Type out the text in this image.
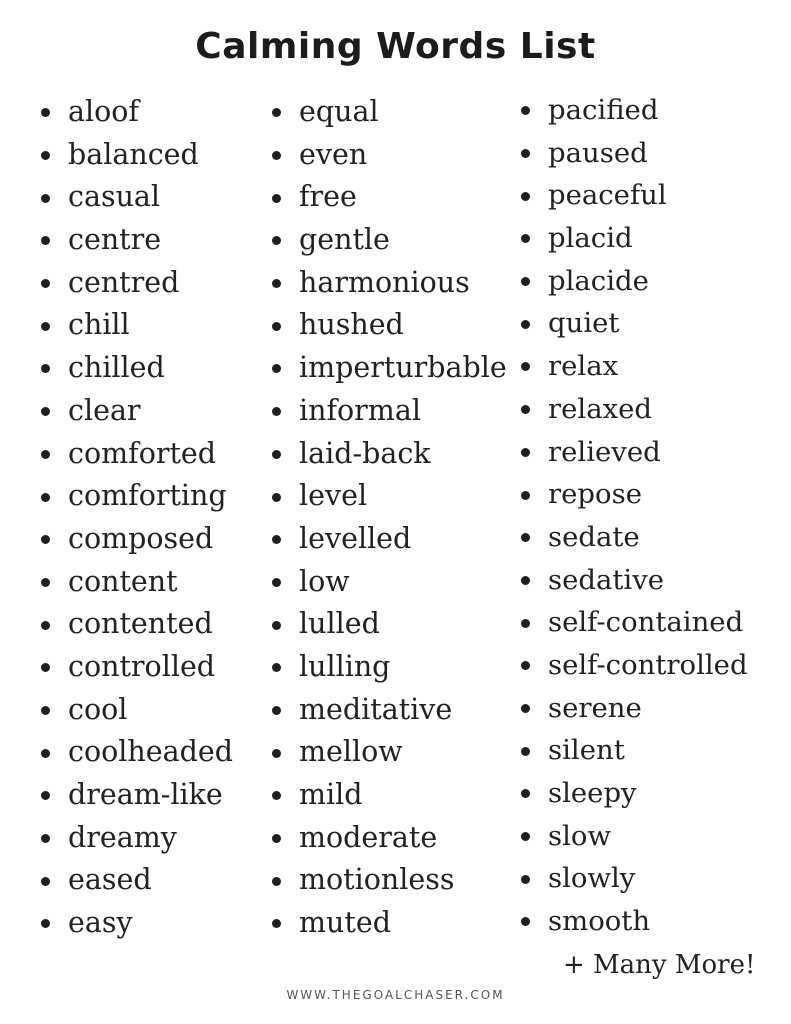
Calming Words List
aloof
balanced
casual
centre
centred
chill
chilled
clear
comforted
comforting
composed
content
contented
controlled
cool
coolheaded
dream-like
dreamy
eased
easy
equal
even
free
gentle
harmonious
hushed
imperturbable
informal
laid-back
level
levelled
low
lulled
lulling
meditative
mellow
mild
moderate
motionless
muted
pacified
paused
peaceful
placid
placide
quiet
relax
relaxed
relieved
repose
sedate
sedative
self-contained
self-controlled
serene
silent
sleepy
slow
slowly
smooth
+ Many More!
WWW.THEGOALCHASER.COM
